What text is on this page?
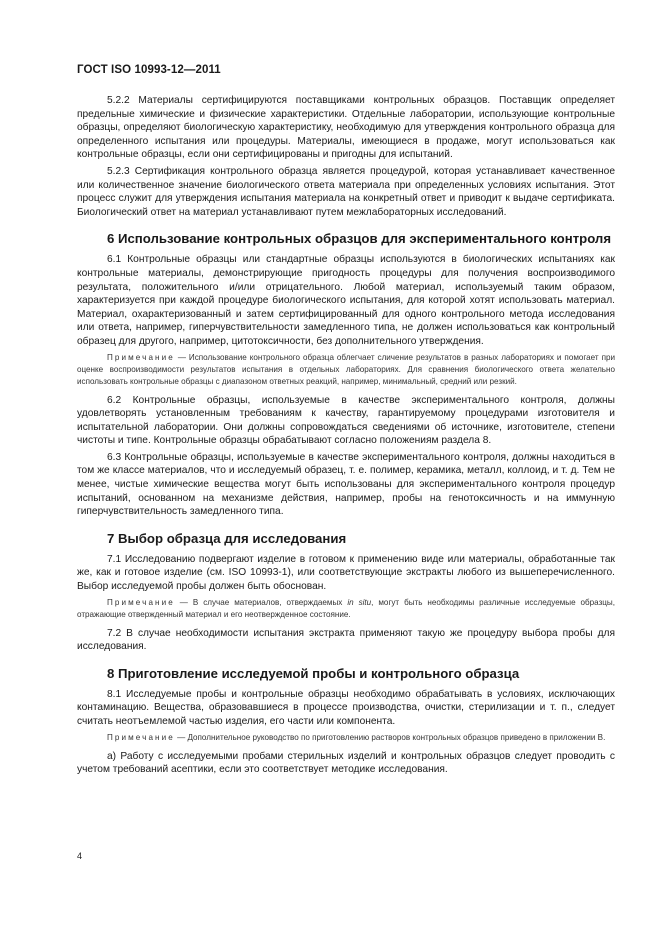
ГОСТ ISO 10993-12—2011

5.2.2 Материалы сертифицируются поставщиками контрольных образцов. Поставщик определяет предельные химические и физические характеристики. Отдельные лаборатории, использующие контрольные образцы, определяют биологическую характеристику, необходимую для утверждения контрольного образца для определенного испытания или процедуры. Материалы, имеющиеся в продаже, могут использоваться как контрольные образцы, если они сертифицированы и пригодны для испытаний.

5.2.3 Сертификация контрольного образца является процедурой, которая устанавливает качественное или количественное значение биологического ответа материала при определенных условиях испытания. Этот процесс служит для утверждения испытания материала на конкретный ответ и приводит к выдаче сертификата. Биологический ответ на материал устанавливают путем межлабораторных исследований.

6 Использование контрольных образцов для экспериментального контроля

6.1 Контрольные образцы или стандартные образцы используются в биологических испытаниях как контрольные материалы, демонстрирующие пригодность процедуры для получения воспроизводимого результата, положительного и/или отрицательного. Любой материал, используемый таким образом, характеризуется при каждой процедуре биологического испытания, для которой хотят использовать материал. Материал, охарактеризованный и затем сертифицированный для одного контрольного метода исследования или ответа, например, гиперчувствительности замедленного типа, не должен использоваться как контрольный образец для другого, например, цитотоксичности, без дополнительного утверждения.

Примечание — Использование контрольного образца облегчает сличение результатов в разных лабораториях и помогает при оценке воспроизводимости результатов испытания в отдельных лабораториях. Для сравнения биологического ответа желательно использовать контрольные образцы с диапазоном ответных реакций, например, минимальный, средний или резкий.

6.2 Контрольные образцы, используемые в качестве экспериментального контроля, должны удовлетворять установленным требованиям к качеству, гарантируемому процедурами изготовителя и испытательной лаборатории. Они должны сопровождаться сведениями об источнике, изготовителе, степени чистоты и типе. Контрольные образцы обрабатывают согласно положениям раздела 8.

6.3 Контрольные образцы, используемые в качестве экспериментального контроля, должны находиться в том же классе материалов, что и исследуемый образец, т. е. полимер, керамика, металл, коллоид, и т. д. Тем не менее, чистые химические вещества могут быть использованы для экспериментального контроля процедур испытаний, основанном на механизме действия, например, пробы на генотоксичность и на иммунную гиперчувствительность замедленного типа.

7 Выбор образца для исследования

7.1 Исследованию подвергают изделие в готовом к применению виде или материалы, обработанные так же, как и готовое изделие (см. ISO 10993-1), или соответствующие экстракты любого из вышеперечисленного. Выбор исследуемой пробы должен быть обоснован.

Примечание — В случае материалов, отверждаемых in situ, могут быть необходимы различные исследуемые образцы, отражающие отвержденный материал и его неотвержденное состояние.

7.2 В случае необходимости испытания экстракта применяют такую же процедуру выбора пробы для исследования.

8 Приготовление исследуемой пробы и контрольного образца

8.1 Исследуемые пробы и контрольные образцы необходимо обрабатывать в условиях, исключающих контаминацию. Вещества, образовавшиеся в процессе производства, очистки, стерилизации и т. п., следует считать неотъемлемой частью изделия, его части или компонента.

Примечание — Дополнительное руководство по приготовлению растворов контрольных образцов приведено в приложении В.

а) Работу с исследуемыми пробами стерильных изделий и контрольных образцов следует проводить с учетом требований асептики, если это соответствует методике исследования.

4
